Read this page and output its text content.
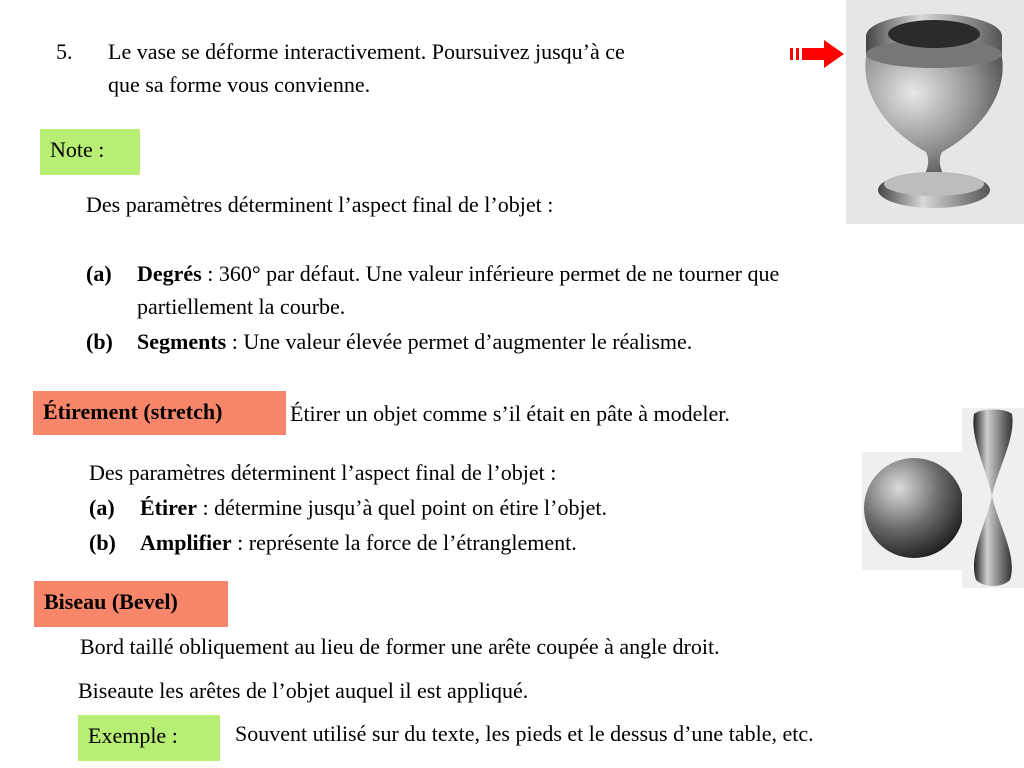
5. Le vase se déforme interactivement. Poursuivez jusqu’à ce
que sa forme vous convienne.
Note :
Des paramètres déterminent l’aspect final de l’objet :
(a) Degrés : 360° par défaut. Une valeur inférieure permet de ne tourner que
partiellement la courbe.
(b) Segments : Une valeur élevée permet d’augmenter le réalisme.
Étirement (stretch)	Étirer un objet comme s’il était en pâte à modeler.
Des paramètres déterminent l’aspect final de l’objet :
(a) Étirer : détermine jusqu’à quel point on étire l’objet.
(b) Amplifier : représente la force de l’étranglement.
Biseau (Bevel)
Bord taillé obliquement au lieu de former une arête coupée à angle droit.
Biseaute les arêtes de l’objet auquel il est appliqué.
Exemple :	Souvent utilisé sur du texte, les pieds et le dessus d’une table, etc.
